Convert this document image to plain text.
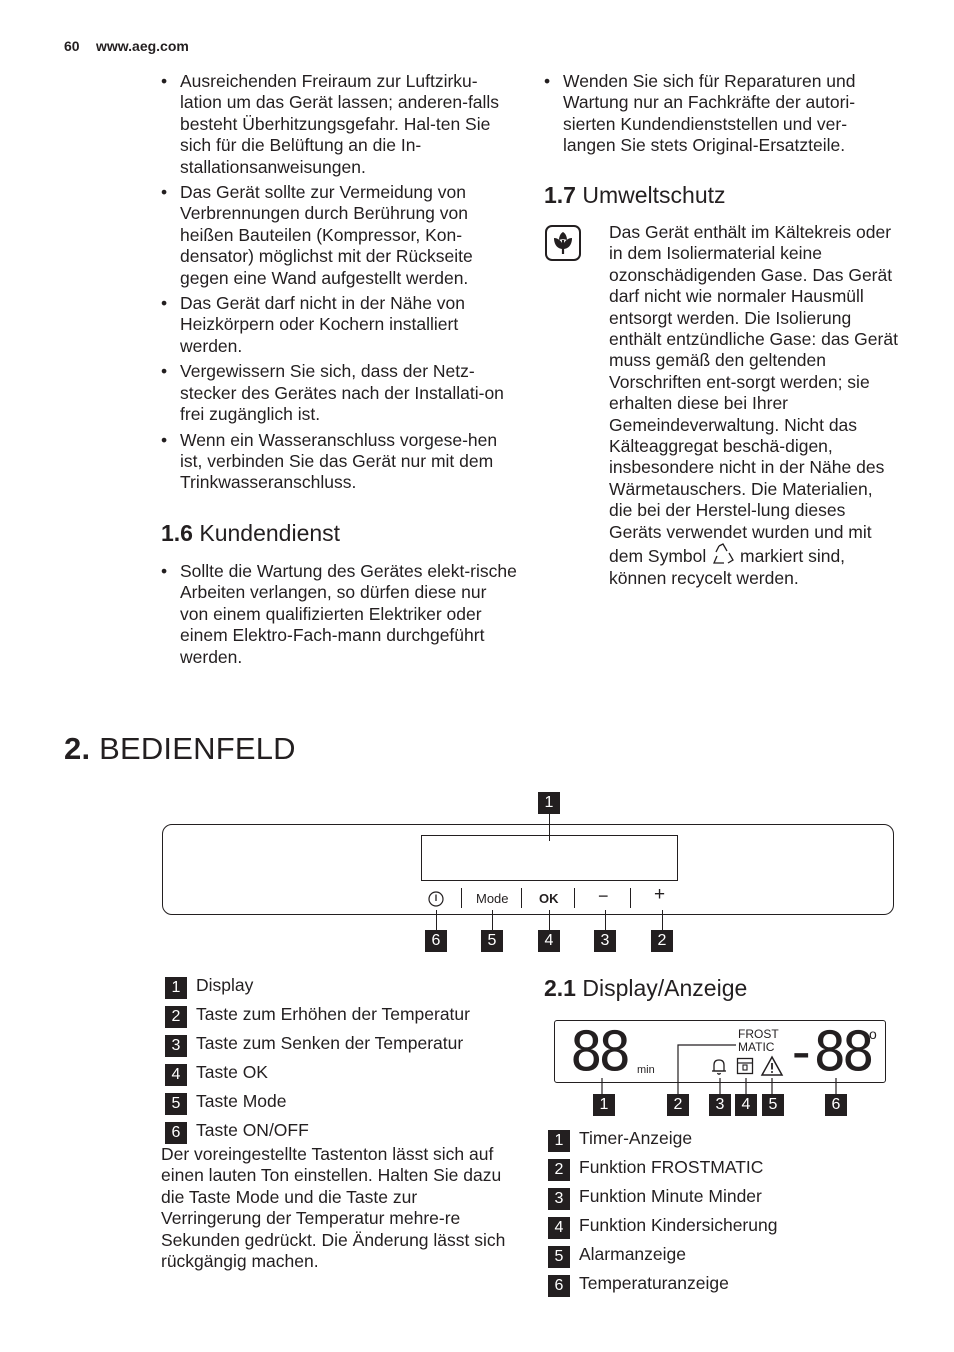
60 www.aeg.com
• Ausreichenden Freiraum zur Luftzirku-lation um das Gerät lassen; anderen-falls besteht Überhitzungsgefahr. Hal-ten Sie sich für die Belüftung an die In-stallationsanweisungen.
• Das Gerät sollte zur Vermeidung von Verbrennungen durch Berührung von heißen Bauteilen (Kompressor, Kon-densator) möglichst mit der Rückseite gegen eine Wand aufgestellt werden.
• Das Gerät darf nicht in der Nähe von Heizkörpern oder Kochern installiert werden.
• Vergewissern Sie sich, dass der Netz-stecker des Gerätes nach der Installati-on frei zugänglich ist.
• Wenn ein Wasseranschluss vorgese-hen ist, verbinden Sie das Gerät nur mit dem Trinkwasseranschluss.
1.6 Kundendienst
• Sollte die Wartung des Gerätes elekt-rische Arbeiten verlangen, so dürfen diese nur von einem qualifizierten Elektriker oder einem Elektro-Fach-mann durchgeführt werden.
• Wenden Sie sich für Reparaturen und Wartung nur an Fachkräfte der autori-sierten Kundendienststellen und ver-langen Sie stets Original-Ersatzteile.
1.7 Umweltschutz
Das Gerät enthält im Kältekreis oder in dem Isoliermaterial keine ozonschädigenden Gase. Das Gerät darf nicht wie normaler Hausmüll entsorgt werden. Die Isolierung enthält entzündliche Gase: das Gerät muss gemäß den geltenden Vorschriften ent-sorgt werden; sie erhalten diese bei Ihrer Gemeindeverwaltung. Nicht das Kälteaggregat beschä-digen, insbesondere nicht in der Nähe des Wärmetauschers. Die Materialien, die bei der Herstel-lung dieses Geräts verwendet wurden und mit dem Symbol markiert sind, können recycelt werden.
2. BEDIENFELD
1
Mode OK − +
6	5	4	3	2
1 Display
2 Taste zum Erhöhen der Temperatur
3 Taste zum Senken der Temperatur
4 Taste OK
5 Taste Mode
6 Taste ON/OFF
Der voreingestellte Tastenton lässt sich auf einen lauten Ton einstellen. Halten Sie dazu die Taste Mode und die Taste zur Verringerung der Temperatur mehre-re Sekunden gedrückt. Die Änderung lässt sich rückgängig machen.
2.1 Display/Anzeige
88 min
FROST
MATIC -88
o
1	2	3	4	5	6
1 Timer-Anzeige
2 Funktion FROSTMATIC
3 Funktion Minute Minder
4 Funktion Kindersicherung
5 Alarmanzeige
6 Temperaturanzeige
